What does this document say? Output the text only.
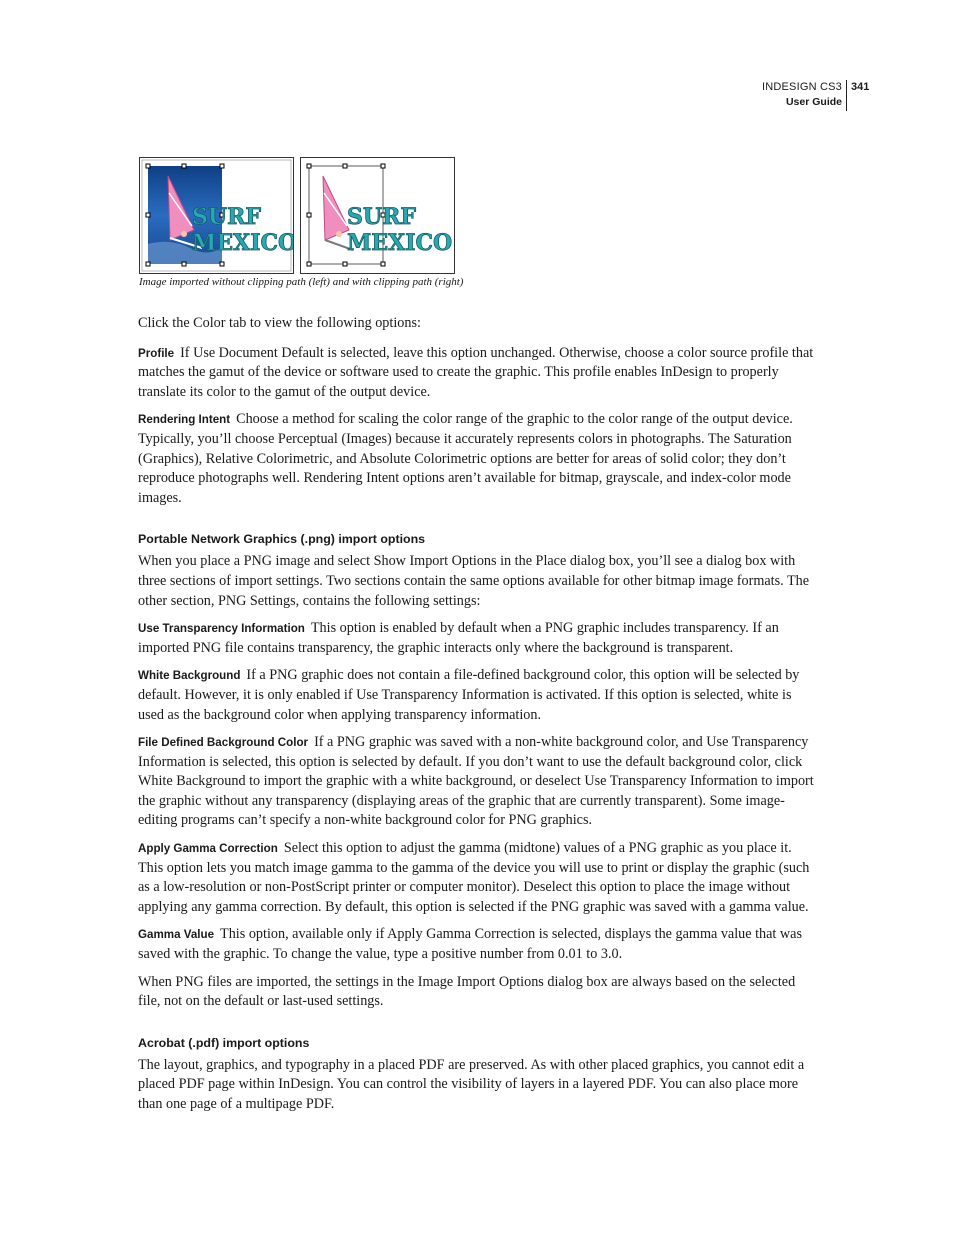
INDESIGN CS3
User Guide
341
SURF
MEXICO
SURF
MEXICO
Image imported without clipping path (left) and with clipping path (right)

Click the Color tab to view the following options:

Profile If Use Document Default is selected, leave this option unchanged. Otherwise, choose a color source profile that matches the gamut of the device or software used to create the graphic. This profile enables InDesign to properly translate its color to the gamut of the output device.

Rendering Intent Choose a method for scaling the color range of the graphic to the color range of the output device. Typically, you’ll choose Perceptual (Images) because it accurately represents colors in photographs. The Saturation (Graphics), Relative Colorimetric, and Absolute Colorimetric options are better for areas of solid color; they don’t reproduce photographs well. Rendering Intent options aren’t available for bitmap, grayscale, and index-color mode images.

Portable Network Graphics (.png) import options

When you place a PNG image and select Show Import Options in the Place dialog box, you’ll see a dialog box with three sections of import settings. Two sections contain the same options available for other bitmap image formats. The other section, PNG Settings, contains the following settings:

Use Transparency Information This option is enabled by default when a PNG graphic includes transparency. If an imported PNG file contains transparency, the graphic interacts only where the background is transparent.

White Background If a PNG graphic does not contain a file-defined background color, this option will be selected by default. However, it is only enabled if Use Transparency Information is activated. If this option is selected, white is used as the background color when applying transparency information.

File Defined Background Color If a PNG graphic was saved with a non-white background color, and Use Transparency Information is selected, this option is selected by default. If you don’t want to use the default background color, click White Background to import the graphic with a white background, or deselect Use Transparency Information to import the graphic without any transparency (displaying areas of the graphic that are currently transparent). Some image-editing programs can’t specify a non-white background color for PNG graphics.

Apply Gamma Correction Select this option to adjust the gamma (midtone) values of a PNG graphic as you place it. This option lets you match image gamma to the gamma of the device you will use to print or display the graphic (such as a low-resolution or non-PostScript printer or computer monitor). Deselect this option to place the image without applying any gamma correction. By default, this option is selected if the PNG graphic was saved with a gamma value.

Gamma Value This option, available only if Apply Gamma Correction is selected, displays the gamma value that was saved with the graphic. To change the value, type a positive number from 0.01 to 3.0.

When PNG files are imported, the settings in the Image Import Options dialog box are always based on the selected file, not on the default or last-used settings.

Acrobat (.pdf) import options

The layout, graphics, and typography in a placed PDF are preserved. As with other placed graphics, you cannot edit a placed PDF page within InDesign. You can control the visibility of layers in a layered PDF. You can also place more than one page of a multipage PDF.
